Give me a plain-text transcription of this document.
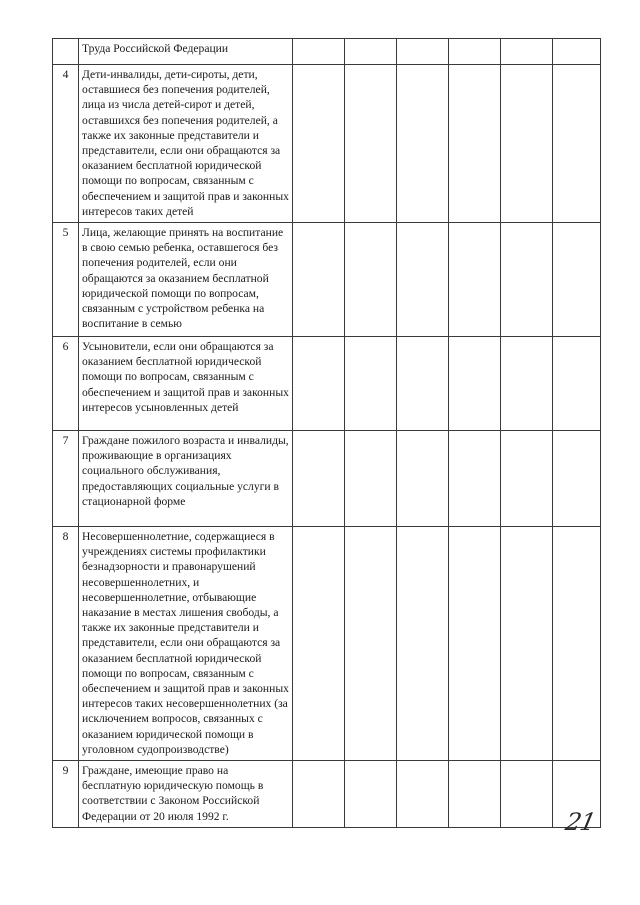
	Труда Российской Федерации						
4	Дети-инвалиды, дети-сироты, дети, оставшиеся без попечения родителей, лица из числа детей-сирот и детей, оставшихся без попечения родителей, а также их законные представители и представители, если они обращаются за оказанием бесплатной юридической помощи по вопросам, связанным с обеспечением и защитой прав и законных интересов таких детей						
5	Лица, желающие принять на воспитание в свою семью ребенка, оставшегося без попечения родителей, если они обращаются за оказанием бесплатной юридической помощи по вопросам, связанным с устройством ребенка на воспитание в семью						
6	Усыновители, если они обращаются за оказанием бесплатной юридической помощи по вопросам, связанным с обеспечением и защитой прав и законных интересов усыновленных детей						
7	Граждане пожилого возраста и инвалиды, проживающие в организациях социального обслуживания, предоставляющих социальные услуги в стационарной форме						
8	Несовершеннолетние, содержащиеся в учреждениях системы профилактики безнадзорности и правонарушений несовершеннолетних, и несовершеннолетние, отбывающие наказание в местах лишения свободы, а также их законные представители и представители, если они обращаются за оказанием бесплатной юридической помощи по вопросам, связанным с обеспечением и защитой прав и законных интересов таких несовершеннолетних (за исключением вопросов, связанных с оказанием юридической помощи в уголовном судопроизводстве)						
9	Граждане, имеющие право на бесплатную юридическую помощь в соответствии с Законом Российской Федерации от 20 июля 1992 г.							21
